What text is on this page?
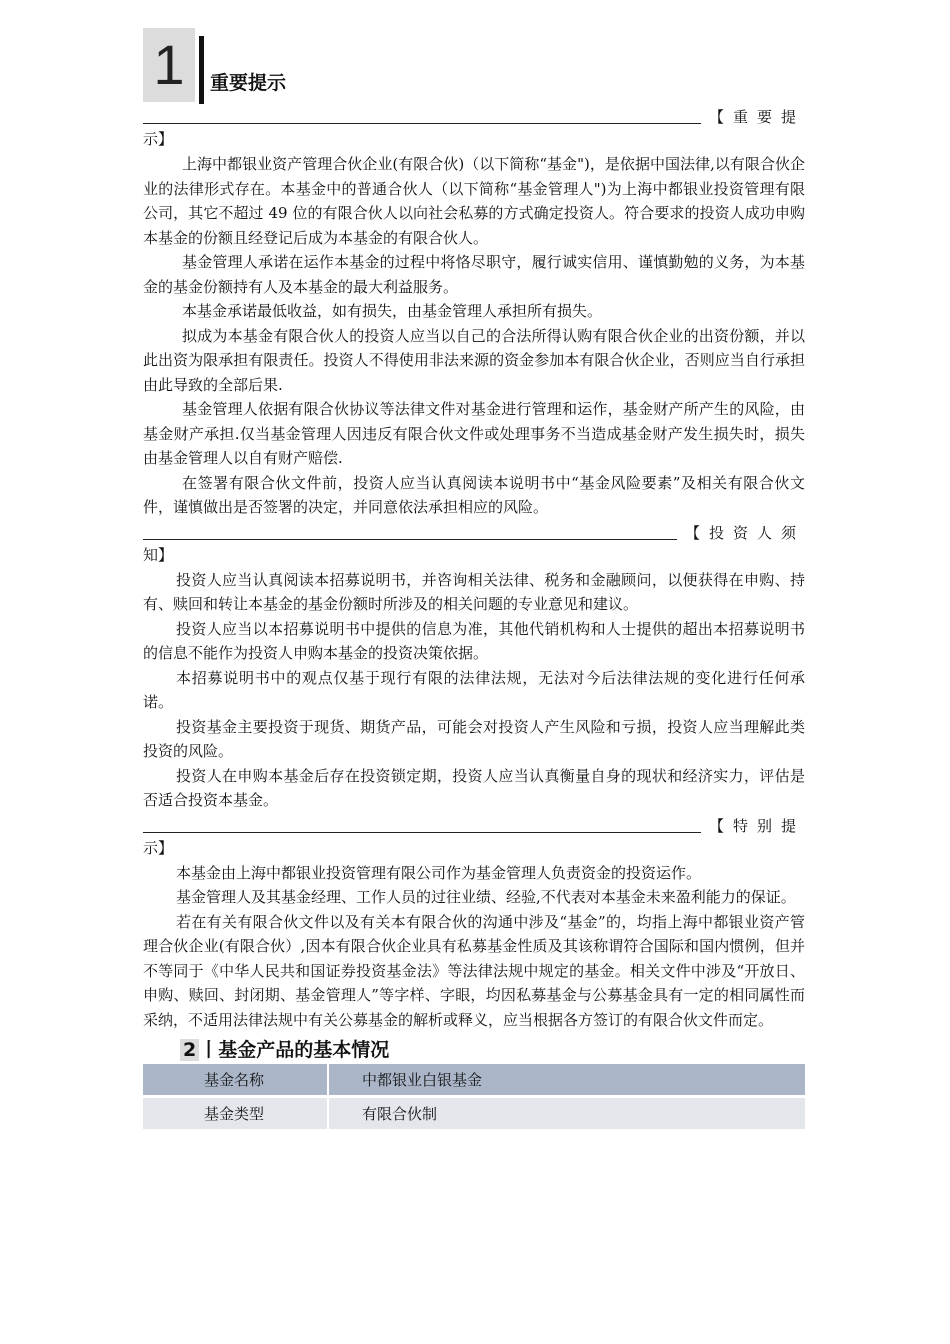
1	重要提示
【重要提
示】

上海中都银业资产管理合伙企业(有限合伙)（以下简称“基金")，是依据中国法律,以有限合伙企业的法律形式存在。本基金中的普通合伙人（以下简称“基金管理人")为上海中都银业投资管理有限公司，其它不超过 49 位的有限合伙人以向社会私募的方式确定投资人。符合要求的投资人成功申购本基金的份额且经登记后成为本基金的有限合伙人。

基金管理人承诺在运作本基金的过程中将恪尽职守，履行诚实信用、谨慎勤勉的义务，为本基金的基金份额持有人及本基金的最大利益服务。

本基金承诺最低收益，如有损失，由基金管理人承担所有损失。

拟成为本基金有限合伙人的投资人应当以自己的合法所得认购有限合伙企业的出资份额，并以此出资为限承担有限责任。投资人不得使用非法来源的资金参加本有限合伙企业，否则应当自行承担由此导致的全部后果.

基金管理人依据有限合伙协议等法律文件对基金进行管理和运作，基金财产所产生的风险，由基金财产承担.仅当基金管理人因违反有限合伙文件或处理事务不当造成基金财产发生损失时，损失由基金管理人以自有财产赔偿.

在签署有限合伙文件前，投资人应当认真阅读本说明书中“基金风险要素”及相关有限合伙文件，谨慎做出是否签署的决定，并同意依法承担相应的风险。

【投资人须
知】

投资人应当认真阅读本招募说明书，并咨询相关法律、税务和金融顾问，以便获得在申购、持有、赎回和转让本基金的基金份额时所涉及的相关问题的专业意见和建议。

投资人应当以本招募说明书中提供的信息为准，其他代销机构和人士提供的超出本招募说明书的信息不能作为投资人申购本基金的投资决策依据。

本招募说明书中的观点仅基于现行有限的法律法规，无法对今后法律法规的变化进行任何承诺。

投资基金主要投资于现货、期货产品，可能会对投资人产生风险和亏损，投资人应当理解此类投资的风险。

投资人在申购本基金后存在投资锁定期，投资人应当认真衡量自身的现状和经济实力，评估是否适合投资本基金。

【特别提
示】

本基金由上海中都银业投资管理有限公司作为基金管理人负责资金的投资运作。

基金管理人及其基金经理、工作人员的过往业绩、经验,不代表对本基金未来盈利能力的保证。

若在有关有限合伙文件以及有关本有限合伙的沟通中涉及“基金”的，均指上海中都银业资产管理合伙企业(有限合伙）,因本有限合伙企业具有私募基金性质及其该称谓符合国际和国内惯例，但并不等同于《中华人民共和国证券投资基金法》等法律法规中规定的基金。相关文件中涉及“开放日、申购、赎回、封闭期、基金管理人”等字样、字眼，均因私募基金与公募基金具有一定的相同属性而采纳，不适用法律法规中有关公募基金的解析或释义，应当根据各方签订的有限合伙文件而定。

2 丨基金产品的基本情况
基金名称	中都银业白银基金
基金类型	有限合伙制
